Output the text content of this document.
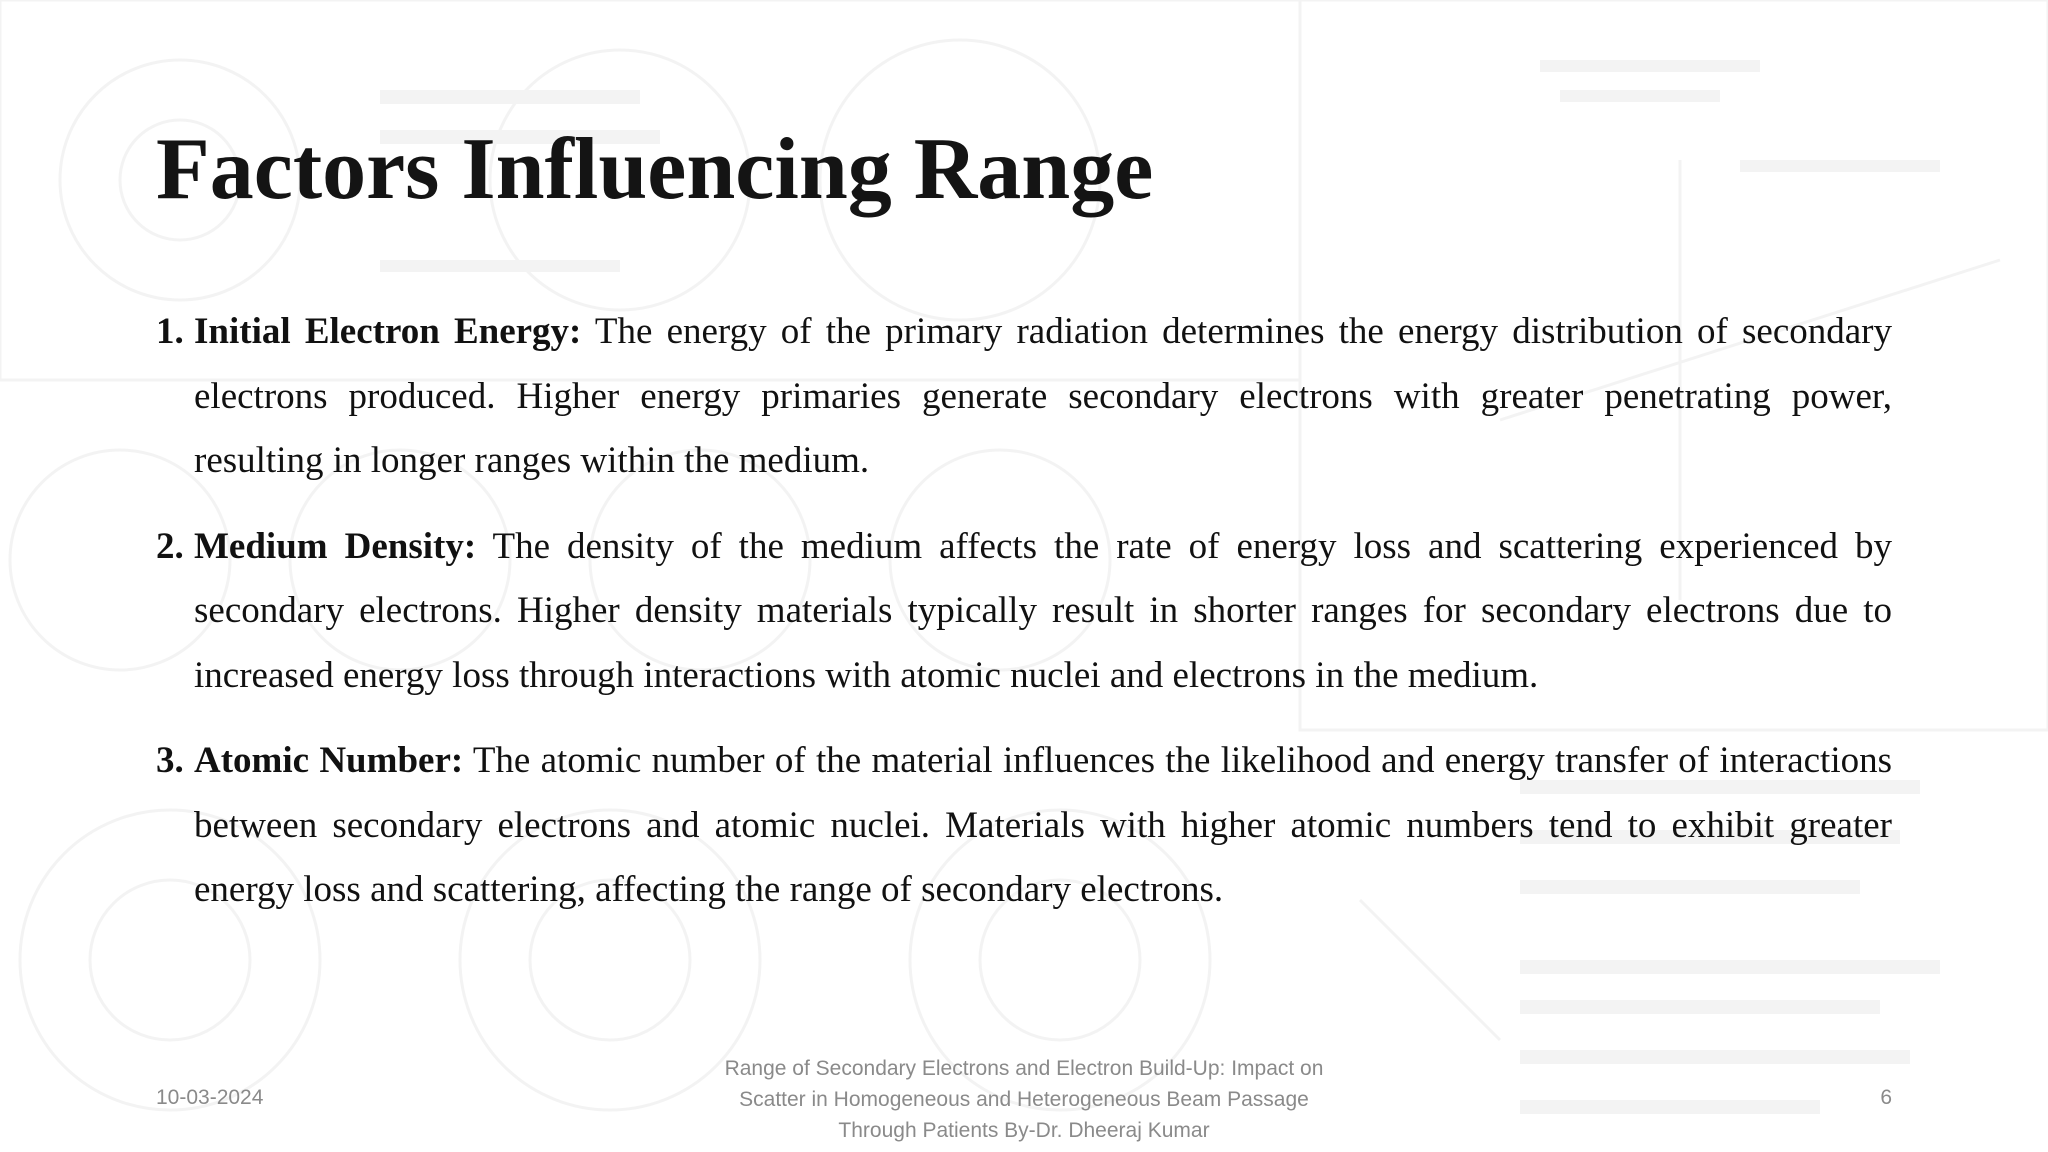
Factors Influencing Range
1. Initial Electron Energy: The energy of the primary radiation determines the energy distribution of secondary electrons produced. Higher energy primaries generate secondary electrons with greater penetrating power, resulting in longer ranges within the medium.
2. Medium Density: The density of the medium affects the rate of energy loss and scattering experienced by secondary electrons. Higher density materials typically result in shorter ranges for secondary electrons due to increased energy loss through interactions with atomic nuclei and electrons in the medium.
3. Atomic Number: The atomic number of the material influences the likelihood and energy transfer of interactions between secondary electrons and atomic nuclei. Materials with higher atomic numbers tend to exhibit greater energy loss and scattering, affecting the range of secondary electrons.
10-03-2024
Range of Secondary Electrons and Electron Build-Up: Impact on
Scatter in Homogeneous and Heterogeneous Beam Passage
Through Patients By-Dr. Dheeraj Kumar
6
